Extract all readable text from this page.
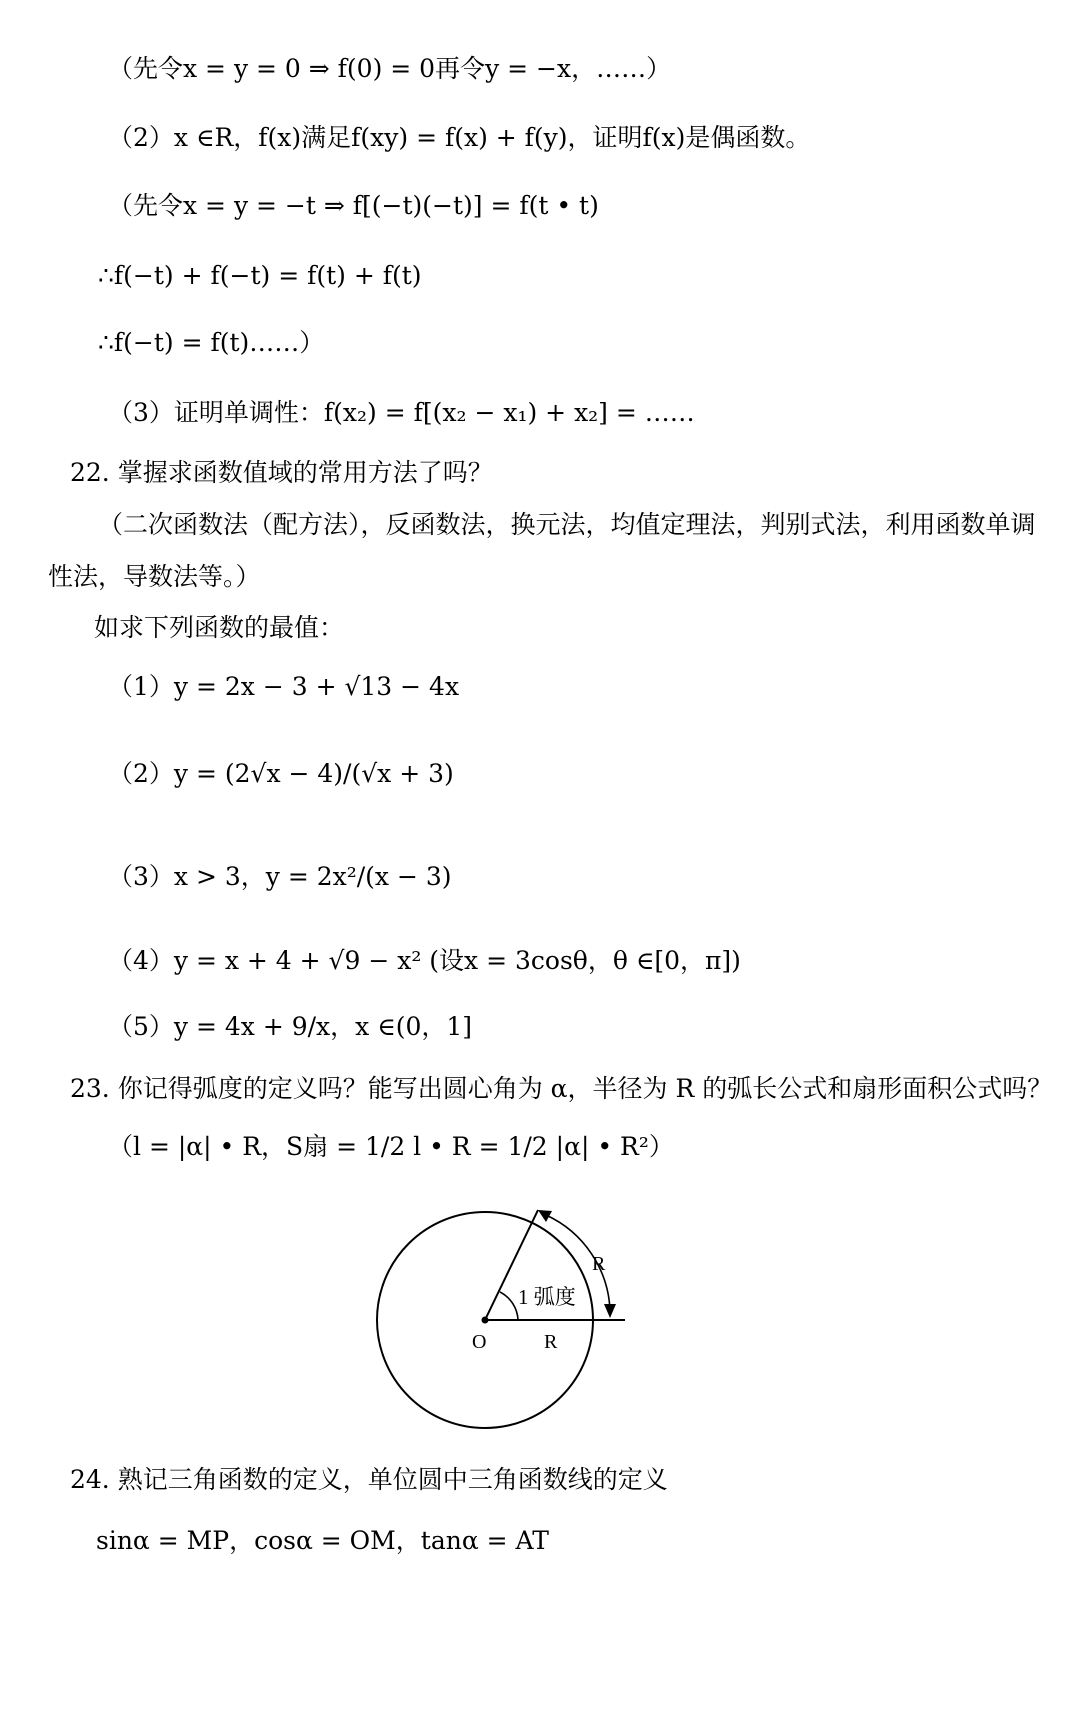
（先令x = y = 0 ⇒ f(0) = 0再令y = −x，……）
（2）x ∈R，f(x)满足f(xy) = f(x) + f(y)，证明f(x)是偶函数。
（先令x = y = −t ⇒ f[(−t)(−t)] = f(t • t)
∴f(−t) + f(−t) = f(t) + f(t)
∴f(−t) = f(t)……）
（3）证明单调性：f(x₂) = f[(x₂ − x₁) + x₂] = ……
22. 掌握求函数值域的常用方法了吗？
（二次函数法（配方法），反函数法，换元法，均值定理法，判别式法，利用函数单调
性法，导数法等。）
如求下列函数的最值：
（1）y = 2x − 3 + √13 − 4x
（2）y = (2√x − 4)/(√x + 3)
（3）x > 3，y = 2x²/(x − 3)
（4）y = x + 4 + √9 − x² (设x = 3cosθ，θ ∈[0，π])
（5）y = 4x + 9/x，x ∈(0，1]
23. 你记得弧度的定义吗？能写出圆心角为 α，半径为 R 的弧长公式和扇形面积公式吗？
（l = |α| • R，S扇 = 1/2 l • R = 1/2 |α| • R²）
1 弧度
R
O	R
24. 熟记三角函数的定义，单位圆中三角函数线的定义
sinα = MP，cosα = OM，tanα = AT
